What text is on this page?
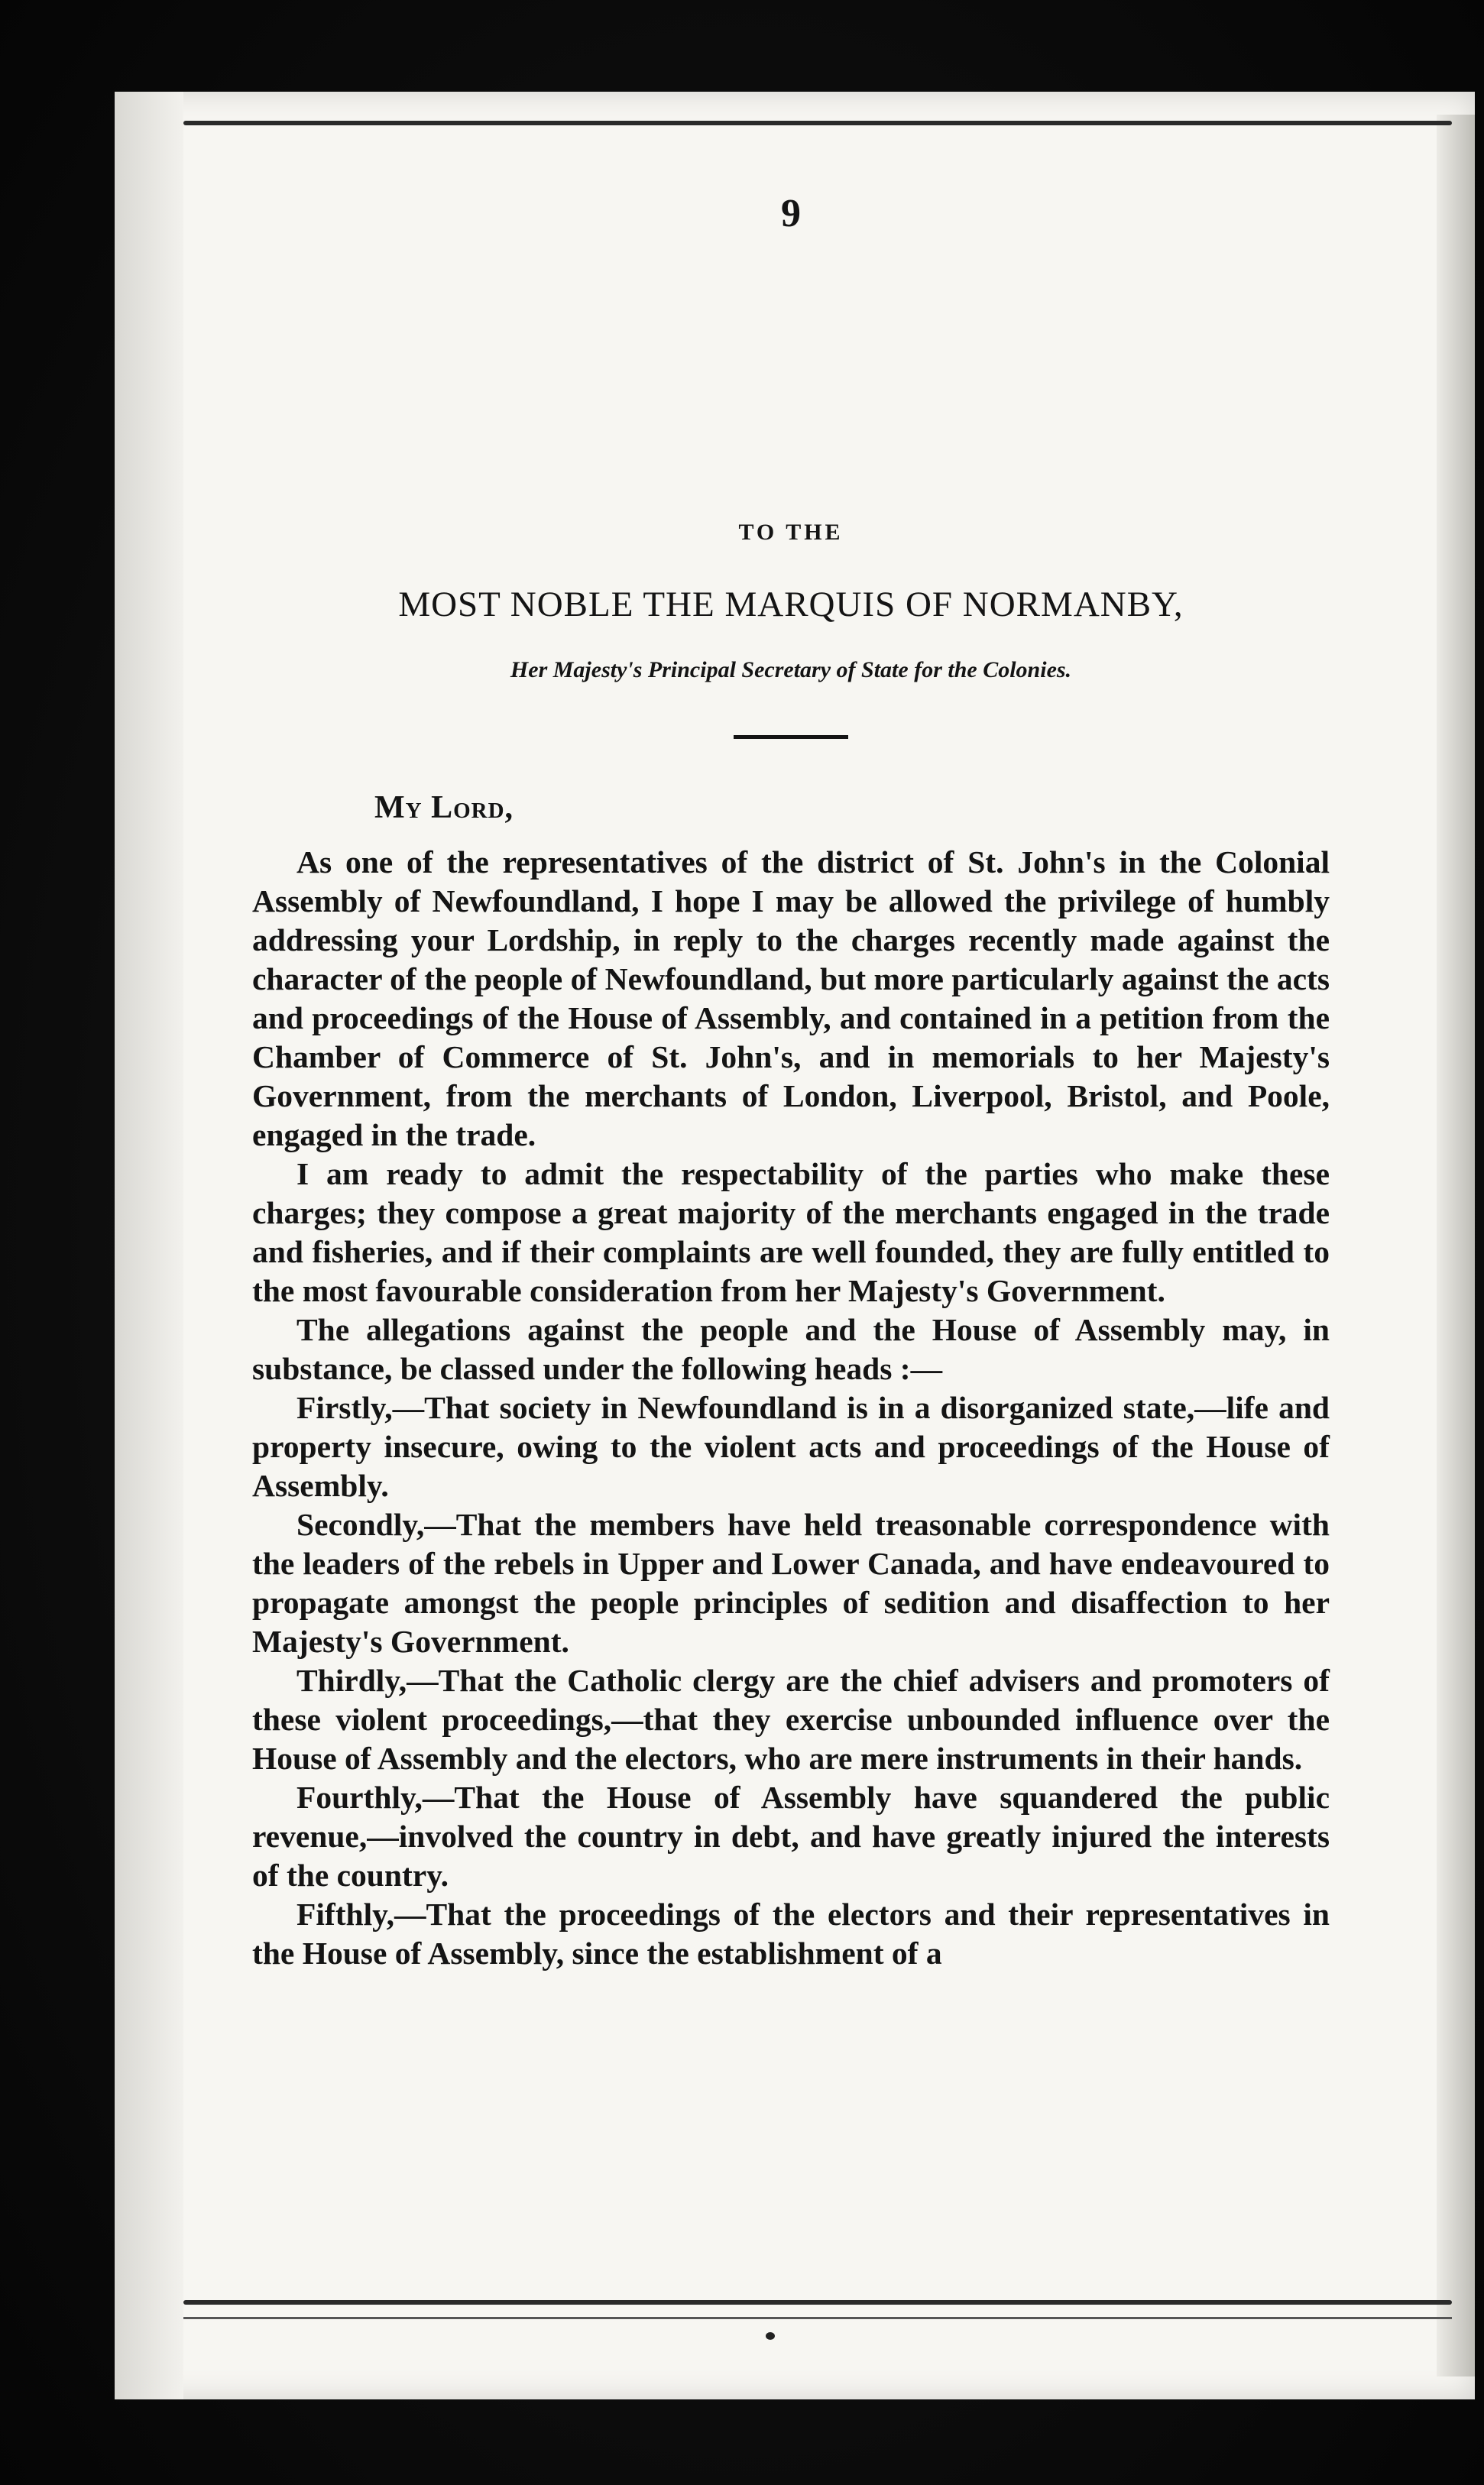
9
TO THE
MOST NOBLE THE MARQUIS OF NORMANBY,
Her Majesty's Principal Secretary of State for the Colonies.
My Lord,

As one of the representatives of the district of St. John's in the Colonial Assembly of Newfoundland, I hope I may be allowed the privilege of humbly addressing your Lordship, in reply to the charges recently made against the character of the people of Newfoundland, but more particularly against the acts and proceedings of the House of Assembly, and contained in a petition from the Chamber of Commerce of St. John's, and in memorials to her Majesty's Government, from the merchants of London, Liverpool, Bristol, and Poole, engaged in the trade.

I am ready to admit the respectability of the parties who make these charges; they compose a great majority of the merchants engaged in the trade and fisheries, and if their complaints are well founded, they are fully entitled to the most favourable consideration from her Majesty's Government.

The allegations against the people and the House of Assembly may, in substance, be classed under the following heads :—

Firstly,—That society in Newfoundland is in a disorganized state,—life and property insecure, owing to the violent acts and proceedings of the House of Assembly.

Secondly,—That the members have held treasonable correspondence with the leaders of the rebels in Upper and Lower Canada, and have endeavoured to propagate amongst the people principles of sedition and disaffection to her Majesty's Government.

Thirdly,—That the Catholic clergy are the chief advisers and promoters of these violent proceedings,—that they exercise unbounded influence over the House of Assembly and the electors, who are mere instruments in their hands.

Fourthly,—That the House of Assembly have squandered the public revenue,—involved the country in debt, and have greatly injured the interests of the country.

Fifthly,—That the proceedings of the electors and their representatives in the House of Assembly, since the establishment of a
